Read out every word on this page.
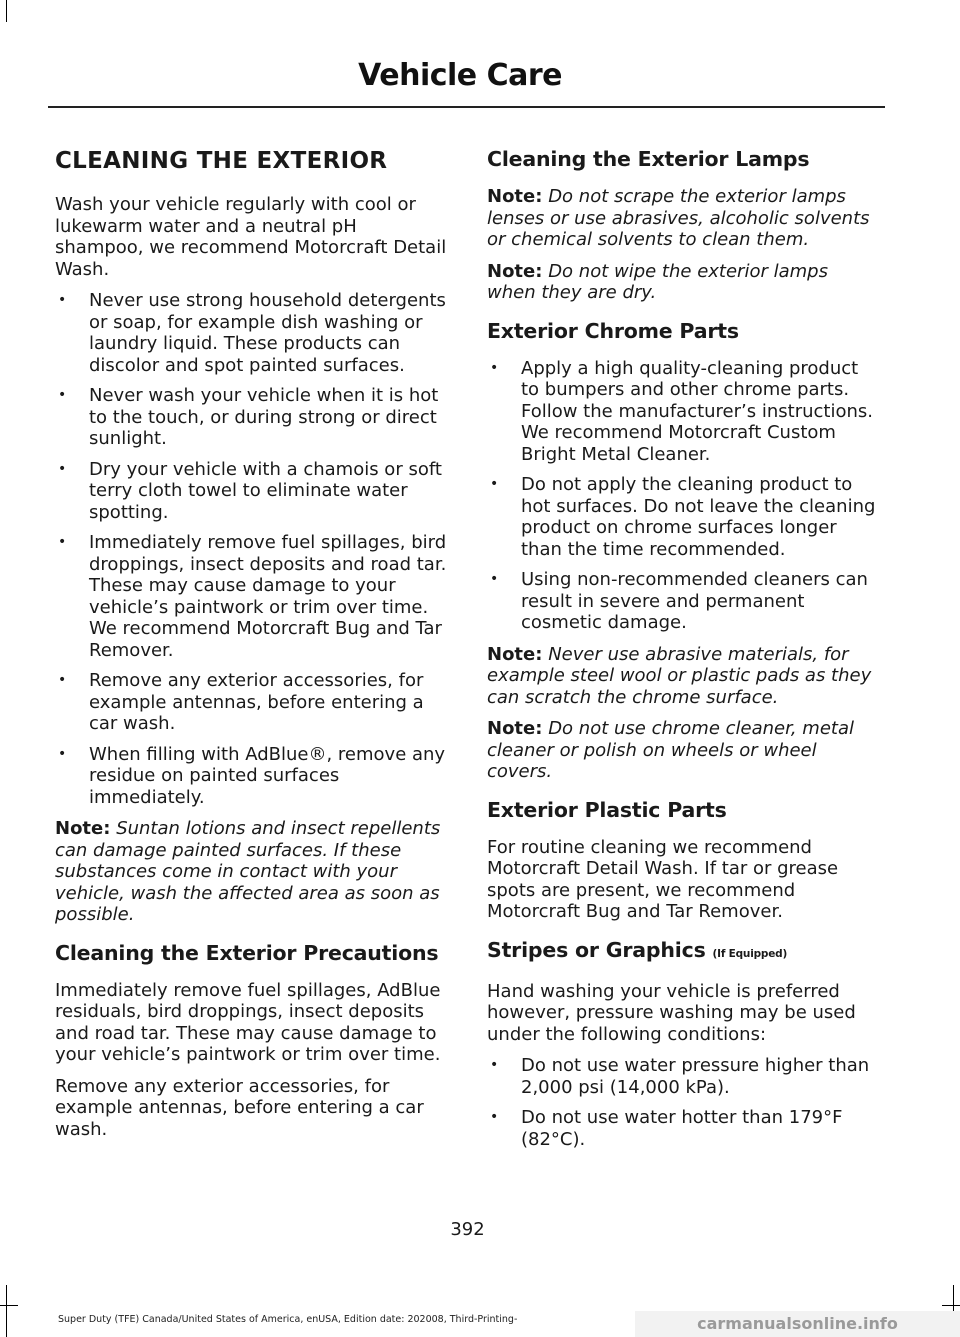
Vehicle Care
CLEANING THE EXTERIOR

Wash your vehicle regularly with cool or lukewarm water and a neutral pH shampoo, we recommend Motorcraft Detail Wash.

• Never use strong household detergents or soap, for example dish washing or laundry liquid. These products can discolor and spot painted surfaces.
• Never wash your vehicle when it is hot to the touch, or during strong or direct sunlight.
• Dry your vehicle with a chamois or soft terry cloth towel to eliminate water spotting.
• Immediately remove fuel spillages, bird droppings, insect deposits and road tar. These may cause damage to your vehicle’s paintwork or trim over time. We recommend Motorcraft Bug and Tar Remover.
• Remove any exterior accessories, for example antennas, before entering a car wash.
• When filling with AdBlue®, remove any residue on painted surfaces immediately.

Note: Suntan lotions and insect repellents can damage painted surfaces. If these substances come in contact with your vehicle, wash the affected area as soon as possible.

Cleaning the Exterior Precautions

Immediately remove fuel spillages, AdBlue residuals, bird droppings, insect deposits and road tar. These may cause damage to your vehicle’s paintwork or trim over time.

Remove any exterior accessories, for example antennas, before entering a car wash.

Cleaning the Exterior Lamps

Note: Do not scrape the exterior lamps lenses or use abrasives, alcoholic solvents or chemical solvents to clean them.

Note: Do not wipe the exterior lamps when they are dry.

Exterior Chrome Parts
• Apply a high quality-cleaning product to bumpers and other chrome parts. Follow the manufacturer’s instructions. We recommend Motorcraft Custom Bright Metal Cleaner.
• Do not apply the cleaning product to hot surfaces. Do not leave the cleaning product on chrome surfaces longer than the time recommended.
• Using non-recommended cleaners can result in severe and permanent cosmetic damage.

Note: Never use abrasive materials, for example steel wool or plastic pads as they can scratch the chrome surface.

Note: Do not use chrome cleaner, metal cleaner or polish on wheels or wheel covers.

Exterior Plastic Parts

For routine cleaning we recommend Motorcraft Detail Wash. If tar or grease spots are present, we recommend Motorcraft Bug and Tar Remover.

Stripes or Graphics (If Equipped)

Hand washing your vehicle is preferred however, pressure washing may be used under the following conditions:

• Do not use water pressure higher than 2,000 psi (14,000 kPa).
• Do not use water hotter than 179°F (82°C).
392
Super Duty (TFE) Canada/United States of America, enUSA, Edition date: 202008, Third-Printing-	carmanualsonline.info
